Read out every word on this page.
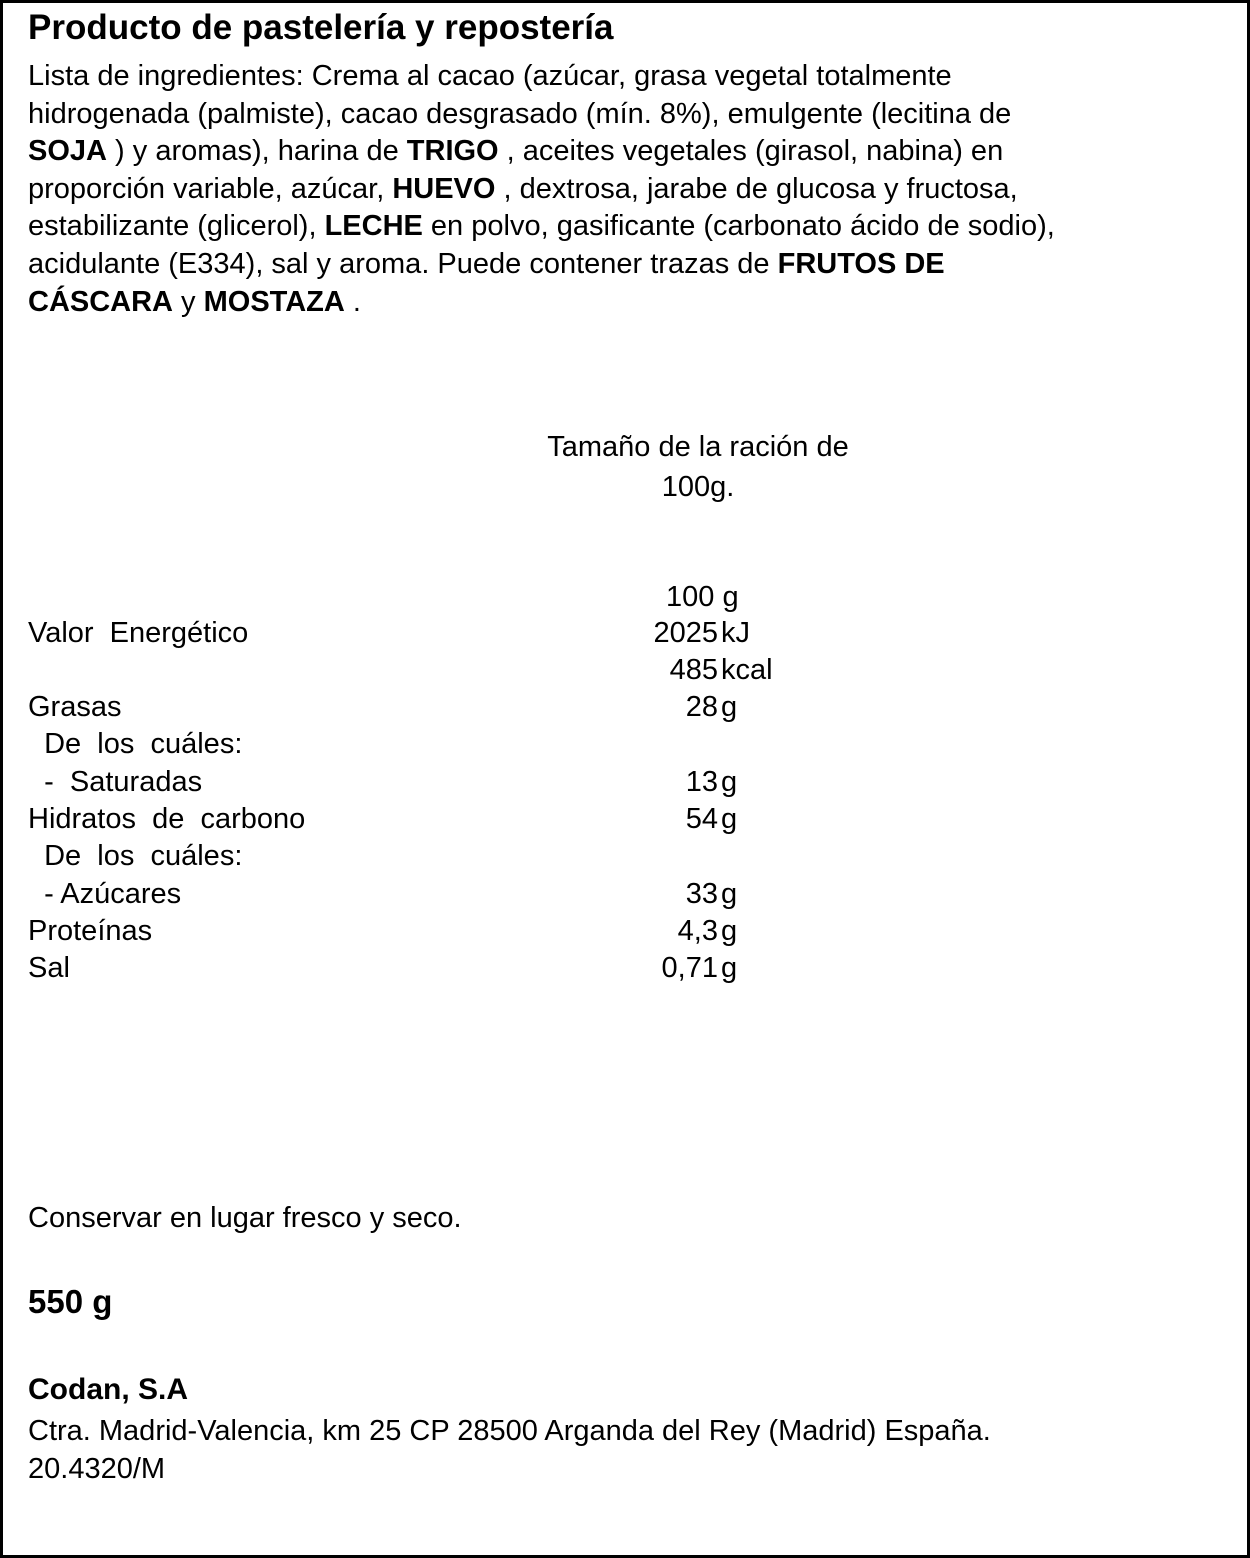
Producto de pastelería y repostería
Lista de ingredientes: Crema al cacao (azúcar, grasa vegetal totalmente
hidrogenada (palmiste), cacao desgrasado (mín. 8%), emulgente (lecitina de
SOJA ) y aromas), harina de TRIGO , aceites vegetales (girasol, nabina) en
proporción variable, azúcar, HUEVO , dextrosa, jarabe de glucosa y fructosa,
estabilizante (glicerol), LECHE en polvo, gasificante (carbonato ácido de sodio),
acidulante (E334), sal y aroma. Puede contener trazas de FRUTOS DE
CÁSCARA y MOSTAZA .
Tamaño de la ración de
100g.
100 g
Valor  Energético	2025 kJ
485 kcal
Grasas	28 g
De  los  cuáles:
-  Saturadas	13 g
Hidratos  de  carbono	54 g
De  los  cuáles:
- Azúcares	33 g
Proteínas	4,3 g
Sal	0,71 g
Conservar en lugar fresco y seco.
550 g
Codan, S.A
Ctra. Madrid-Valencia, km 25 CP 28500 Arganda del Rey (Madrid) España.
20.4320/M
